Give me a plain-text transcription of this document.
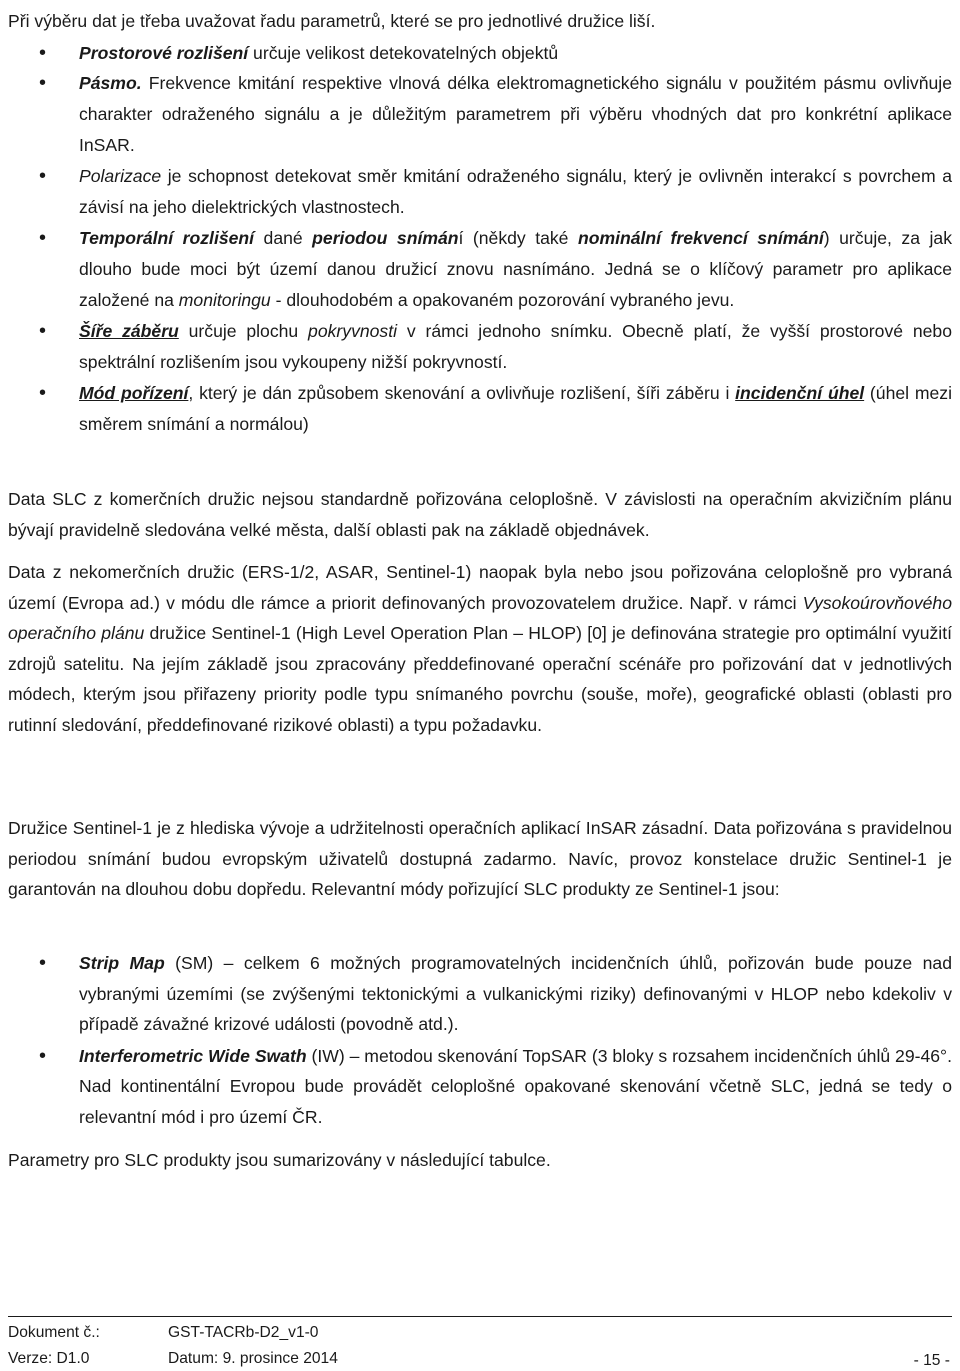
Při výběru dat je třeba uvažovat řadu parametrů, které se pro jednotlivé družice liší.

• Prostorové rozlišení určuje velikost detekovatelných objektů
• Pásmo. Frekvence kmitání respektive vlnová délka elektromagnetického signálu v použitém pásmu ovlivňuje charakter odraženého signálu a je důležitým parametrem při výběru vhodných dat pro konkrétní aplikace InSAR.
• Polarizace je schopnost detekovat směr kmitání odraženého signálu, který je ovlivněn interakcí s povrchem a závisí na jeho dielektrických vlastnostech.
• Temporální rozlišení dané periodou snímání (někdy také nominální frekvencí snímání) určuje, za jak dlouho bude moci být území danou družicí znovu nasnímáno. Jedná se o klíčový parametr pro aplikace založené na monitoringu - dlouhodobém a opakovaném pozorování vybraného jevu.
• Šíře záběru určuje plochu pokryvnosti v rámci jednoho snímku. Obecně platí, že vyšší prostorové nebo spektrální rozlišením jsou vykoupeny nižší pokryvností.
• Mód pořízení, který je dán způsobem skenování a ovlivňuje rozlišení, šíři záběru i incidenční úhel (úhel mezi směrem snímání a normálou)

Data SLC z komerčních družic nejsou standardně pořizována celoplošně. V závislosti na operačním akvizičním plánu bývají pravidelně sledována velké města, další oblasti pak na základě objednávek.

Data z nekomerčních družic (ERS-1/2, ASAR, Sentinel-1) naopak byla nebo jsou pořizována celoplošně pro vybraná území (Evropa ad.) v módu dle rámce a priorit definovaných provozovatelem družice. Např. v rámci Vysokoúrovňového operačního plánu družice Sentinel-1 (High Level Operation Plan – HLOP) [0] je definována strategie pro optimální využití zdrojů satelitu. Na jejím základě jsou zpracovány předdefinované operační scénáře pro pořizování dat v jednotlivých módech, kterým jsou přiřazeny priority podle typu snímaného povrchu (souše, moře), geografické oblasti (oblasti pro rutinní sledování, předdefinované rizikové oblasti) a typu požadavku.

Družice Sentinel-1 je z hlediska vývoje a udržitelnosti operačních aplikací InSAR zásadní. Data pořizována s pravidelnou periodou snímání budou evropským uživatelů dostupná zadarmo. Navíc, provoz konstelace družic Sentinel-1 je garantován na dlouhou dobu dopředu. Relevantní módy pořizující SLC produkty ze Sentinel-1 jsou:

• Strip Map (SM) – celkem 6 možných programovatelných incidenčních úhlů, pořizován bude pouze nad vybranými územími (se zvýšenými tektonickými a vulkanickými riziky) definovanými v HLOP nebo kdekoliv v případě závažné krizové události (povodně atd.).
• Interferometric Wide Swath (IW) – metodou skenování TopSAR (3 bloky s rozsahem incidenčních úhlů 29-46°. Nad kontinentální Evropou bude provádět celoplošné opakované skenování včetně SLC, jedná se tedy o relevantní mód i pro území ČR.

Parametry pro SLC produkty jsou sumarizovány v následující tabulce.

Dokument č.:	GST-TACRb-D2_v1-0
Verze: D1.0	Datum: 9. prosince 2014	- 15 -
